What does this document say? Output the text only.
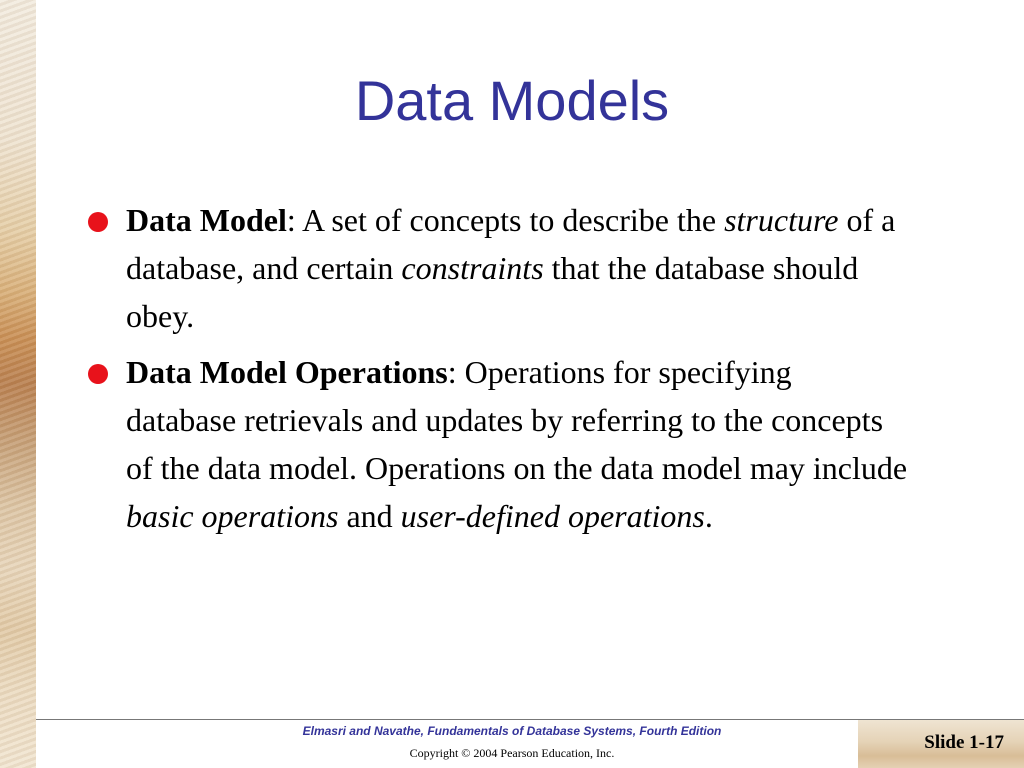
Data Models
Data Model: A set of concepts to describe the structure of a database, and certain constraints that the database should obey.
Data Model Operations: Operations for specifying database retrievals and updates by referring to the concepts of the data model. Operations on the data model may include basic operations and user-defined operations.
Elmasri and Navathe, Fundamentals of Database Systems, Fourth Edition
Copyright © 2004 Pearson Education, Inc.	Slide 1-17
